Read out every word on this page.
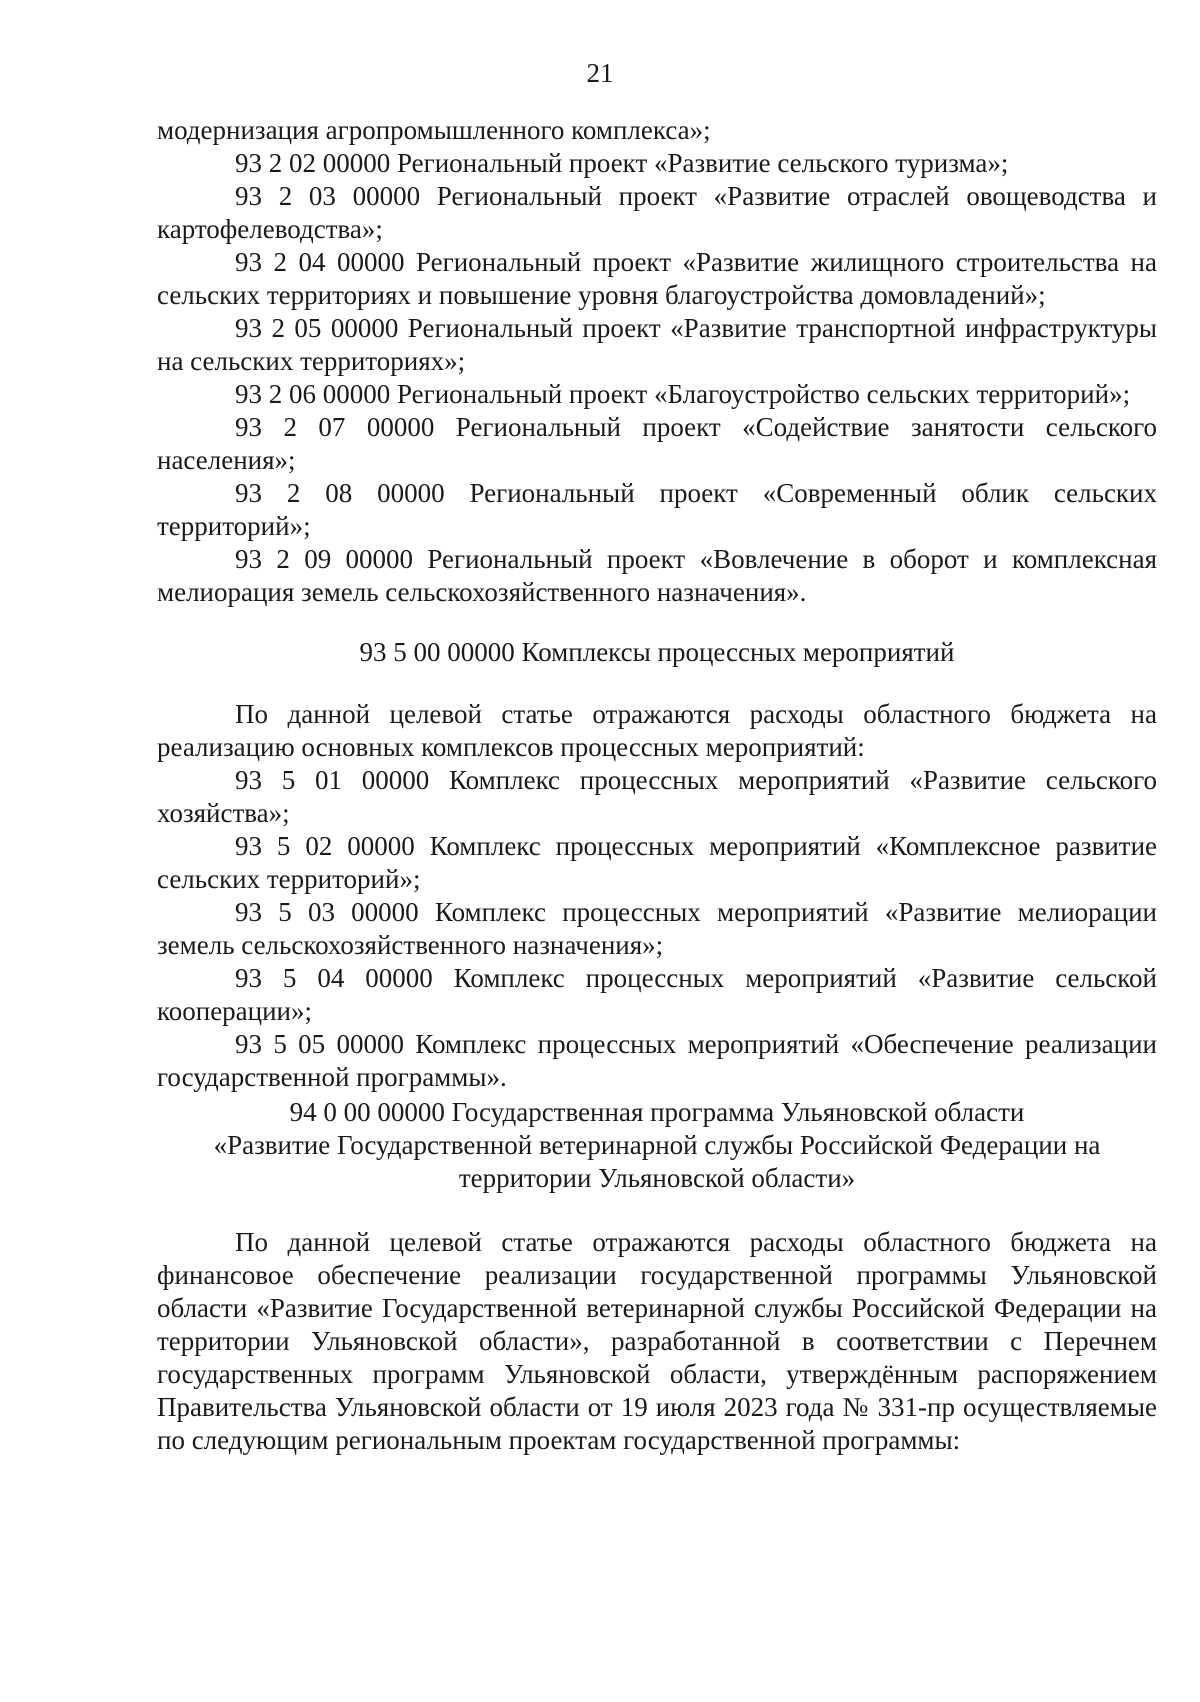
21

модернизация агропромышленного комплекса»;

93 2 02 00000 Региональный проект «Развитие сельского туризма»;

93 2 03 00000 Региональный проект «Развитие отраслей овощеводства и картофелеводства»;

93 2 04 00000 Региональный проект «Развитие жилищного строительства на сельских территориях и повышение уровня благоустройства домовладений»;

93 2 05 00000 Региональный проект «Развитие транспортной инфраструктуры на сельских территориях»;

93 2 06 00000 Региональный проект «Благоустройство сельских территорий»;

93 2 07 00000 Региональный проект «Содействие занятости сельского населения»;

93 2 08 00000 Региональный проект «Современный облик сельских территорий»;

93 2 09 00000 Региональный проект «Вовлечение в оборот и комплексная мелиорация земель сельскохозяйственного назначения».

93 5 00 00000 Комплексы процессных мероприятий

По данной целевой статье отражаются расходы областного бюджета на реализацию основных комплексов процессных мероприятий:

93 5 01 00000 Комплекс процессных мероприятий «Развитие сельского хозяйства»;

93 5 02 00000 Комплекс процессных мероприятий «Комплексное развитие сельских территорий»;

93 5 03 00000 Комплекс процессных мероприятий «Развитие мелиорации земель сельскохозяйственного назначения»;

93 5 04 00000 Комплекс процессных мероприятий «Развитие сельской кооперации»;

93 5 05 00000 Комплекс процессных мероприятий «Обеспечение реализации государственной программы».

94 0 00 00000 Государственная программа Ульяновской области

«Развитие Государственной ветеринарной службы Российской Федерации на

территории Ульяновской области»

По данной целевой статье отражаются расходы областного бюджета на финансовое обеспечение реализации государственной программы Ульяновской области «Развитие Государственной ветеринарной службы Российской Федерации на территории Ульяновской области», разработанной в соответствии с Перечнем государственных программ Ульяновской области, утверждённым распоряжением Правительства Ульяновской области от 19 июля 2023 года № 331-пр осуществляемые по следующим региональным проектам государственной программы:
